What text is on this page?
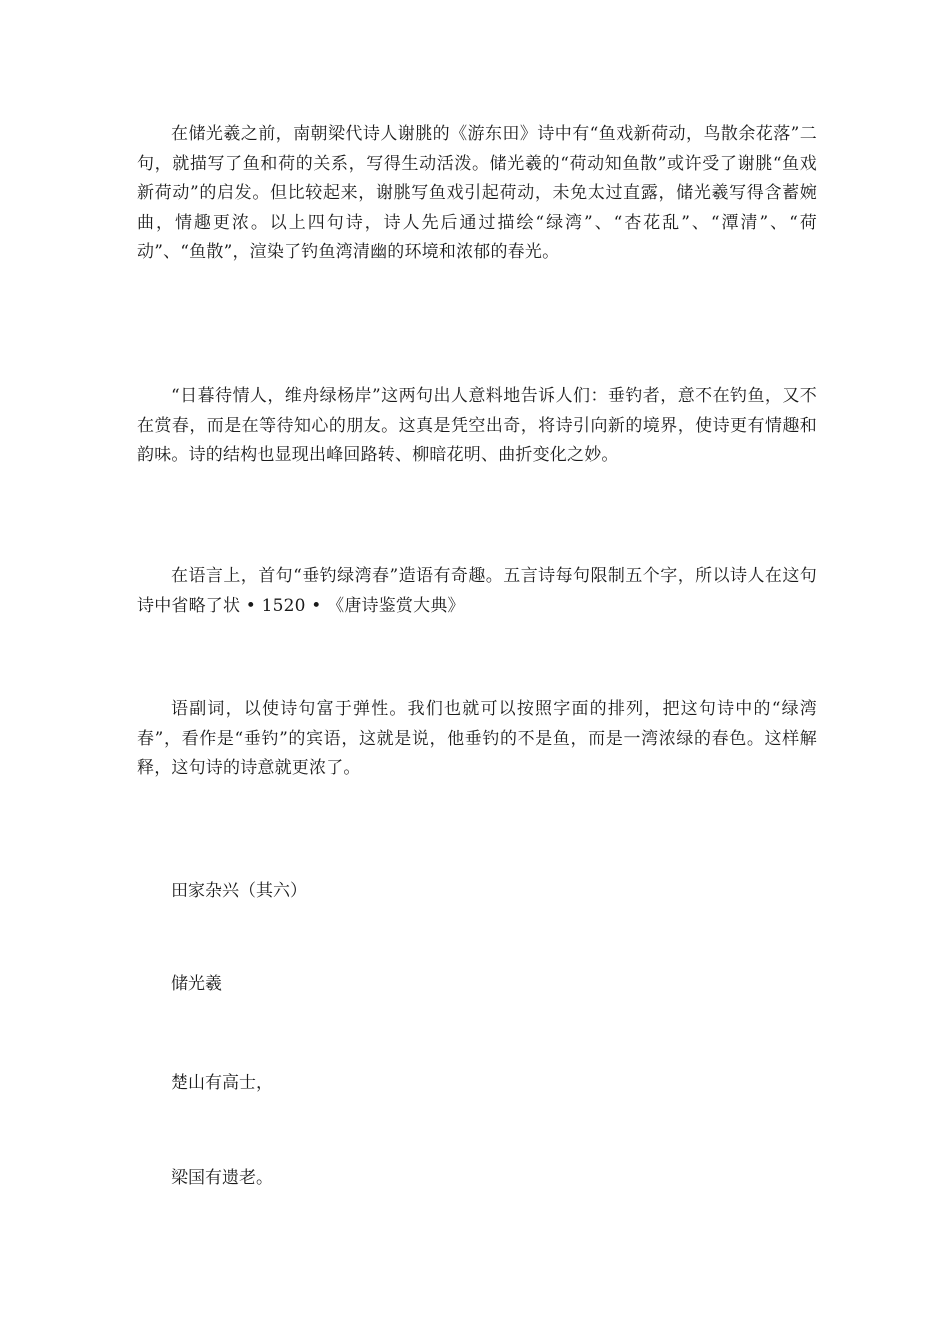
在储光羲之前，南朝梁代诗人谢朓的《游东田》诗中有“鱼戏新荷动，鸟散余花落”二句，就描写了鱼和荷的关系，写得生动活泼。储光羲的“荷动知鱼散”或许受了谢朓“鱼戏新荷动”的启发。但比较起来，谢朓写鱼戏引起荷动，未免太过直露，储光羲写得含蓄婉曲，情趣更浓。以上四句诗，诗人先后通过描绘“绿湾”、“杏花乱”、“潭清”、“荷动”、“鱼散”，渲染了钓鱼湾清幽的环境和浓郁的春光。

“日暮待情人，维舟绿杨岸”这两句出人意料地告诉人们：垂钓者，意不在钓鱼，又不在赏春，而是在等待知心的朋友。这真是凭空出奇，将诗引向新的境界，使诗更有情趣和韵味。诗的结构也显现出峰回路转、柳暗花明、曲折变化之妙。

在语言上，首句“垂钓绿湾春”造语有奇趣。五言诗每句限制五个字，所以诗人在这句诗中省略了状 • 1520 • 《唐诗鉴赏大典》

语副词，以使诗句富于弹性。我们也就可以按照字面的排列，把这句诗中的“绿湾春”，看作是“垂钓”的宾语，这就是说，他垂钓的不是鱼，而是一湾浓绿的春色。这样解释，这句诗的诗意就更浓了。

田家杂兴（其六）

储光羲

楚山有高士，

梁国有遗老。
